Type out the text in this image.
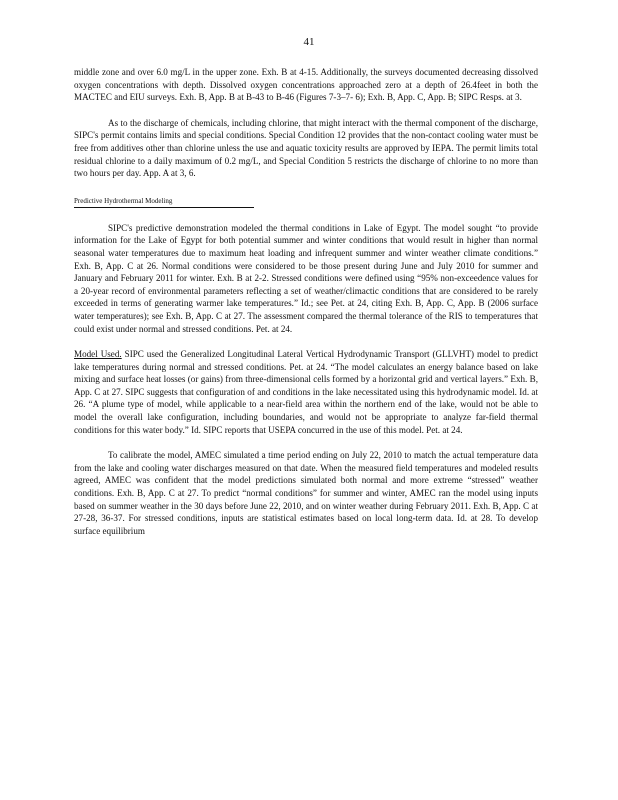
41

middle zone and over 6.0 mg/L in the upper zone. Exh. B at 4-15. Additionally, the surveys documented decreasing dissolved oxygen concentrations with depth. Dissolved oxygen concentrations approached zero at a depth of 26.4feet in both the MACTEC and EIU surveys. Exh. B, App. B at B-43 to B-46 (Figures 7-3–7- 6); Exh. B, App. C, App. B; SIPC Resps. at 3.

As to the discharge of chemicals, including chlorine, that might interact with the thermal component of the discharge, SIPC's permit contains limits and special conditions. Special Condition 12 provides that the non-contact cooling water must be free from additives other than chlorine unless the use and aquatic toxicity results are approved by IEPA. The permit limits total residual chlorine to a daily maximum of 0.2 mg/L, and Special Condition 5 restricts the discharge of chlorine to no more than two hours per day. App. A at 3, 6.

Predictive Hydrothermal Modeling

SIPC's predictive demonstration modeled the thermal conditions in Lake of Egypt. The model sought “to provide information for the Lake of Egypt for both potential summer and winter conditions that would result in higher than normal seasonal water temperatures due to maximum heat loading and infrequent summer and winter weather climate conditions.” Exh. B, App. C at 26. Normal conditions were considered to be those present during June and July 2010 for summer and January and February 2011 for winter. Exh. B at 2-2. Stressed conditions were defined using “95% non-exceedence values for a 20-year record of environmental parameters reflecting a set of weather/climactic conditions that are considered to be rarely exceeded in terms of generating warmer lake temperatures.” Id.; see Pet. at 24, citing Exh. B, App. C, App. B (2006 surface water temperatures); see Exh. B, App. C at 27. The assessment compared the thermal tolerance of the RIS to temperatures that could exist under normal and stressed conditions. Pet. at 24.

Model Used. SIPC used the Generalized Longitudinal Lateral Vertical Hydrodynamic Transport (GLLVHT) model to predict lake temperatures during normal and stressed conditions. Pet. at 24. “The model calculates an energy balance based on lake mixing and surface heat losses (or gains) from three-dimensional cells formed by a horizontal grid and vertical layers.” Exh. B, App. C at 27. SIPC suggests that configuration of and conditions in the lake necessitated using this hydrodynamic model. Id. at 26. “A plume type of model, while applicable to a near-field area within the northern end of the lake, would not be able to model the overall lake configuration, including boundaries, and would not be appropriate to analyze far-field thermal conditions for this water body.” Id. SIPC reports that USEPA concurred in the use of this model. Pet. at 24.

To calibrate the model, AMEC simulated a time period ending on July 22, 2010 to match the actual temperature data from the lake and cooling water discharges measured on that date. When the measured field temperatures and modeled results agreed, AMEC was confident that the model predictions simulated both normal and more extreme “stressed” weather conditions. Exh. B, App. C at 27. To predict “normal conditions” for summer and winter, AMEC ran the model using inputs based on summer weather in the 30 days before June 22, 2010, and on winter weather during February 2011. Exh. B, App. C at 27-28, 36-37. For stressed conditions, inputs are statistical estimates based on local long-term data. Id. at 28. To develop surface equilibrium
